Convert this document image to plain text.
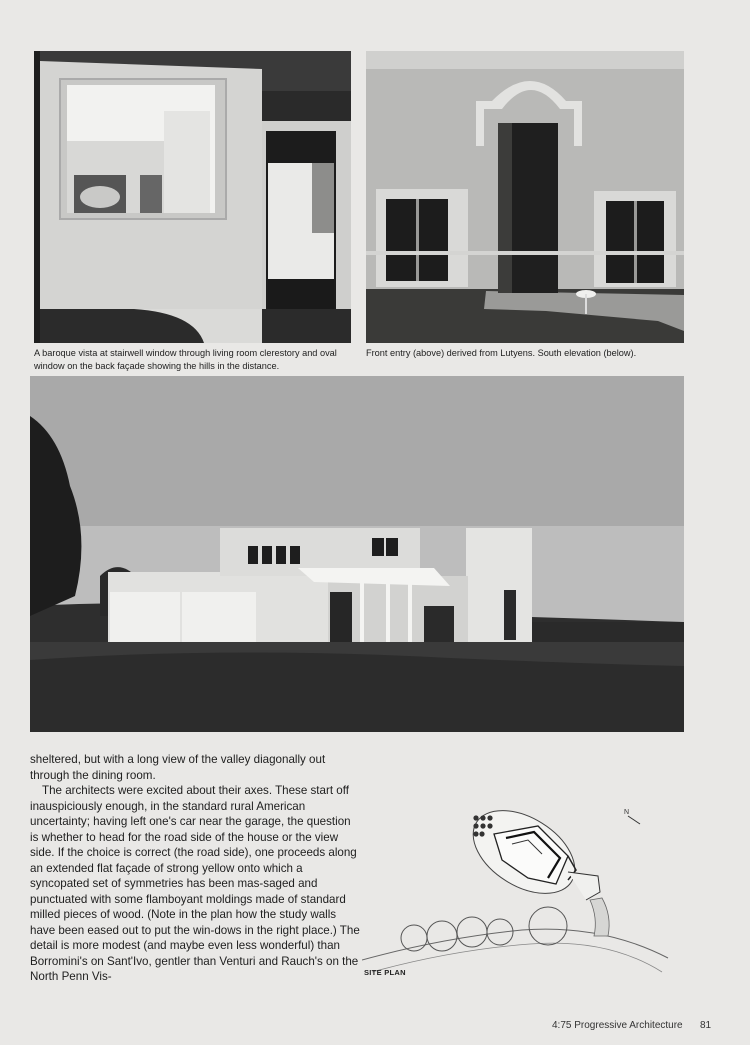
A baroque vista at stairwell window through living room clerestory and oval window on the back façade showing the hills in the distance.

Front entry (above) derived from Lutyens. South elevation (below).

sheltered, but with a long view of the valley diagonally out through the dining room.

The architects were excited about their axes. These start off inauspiciously enough, in the standard rural American uncertainty; having left one's car near the garage, the question is whether to head for the road side of the house or the view side. If the choice is correct (the road side), one proceeds along an extended flat façade of strong yellow onto which a syncopated set of symmetries has been mas-saged and punctuated with some flamboyant moldings made of standard milled pieces of wood. (Note in the plan how the study walls have been eased out to put the win-dows in the right place.) The detail is more modest (and maybe even less wonderful) than Borromini's on Sant'Ivo, gentler than Venturi and Rauch's on the North Penn Vis-

N
SITE PLAN
4:75 Progressive Architecture 81
